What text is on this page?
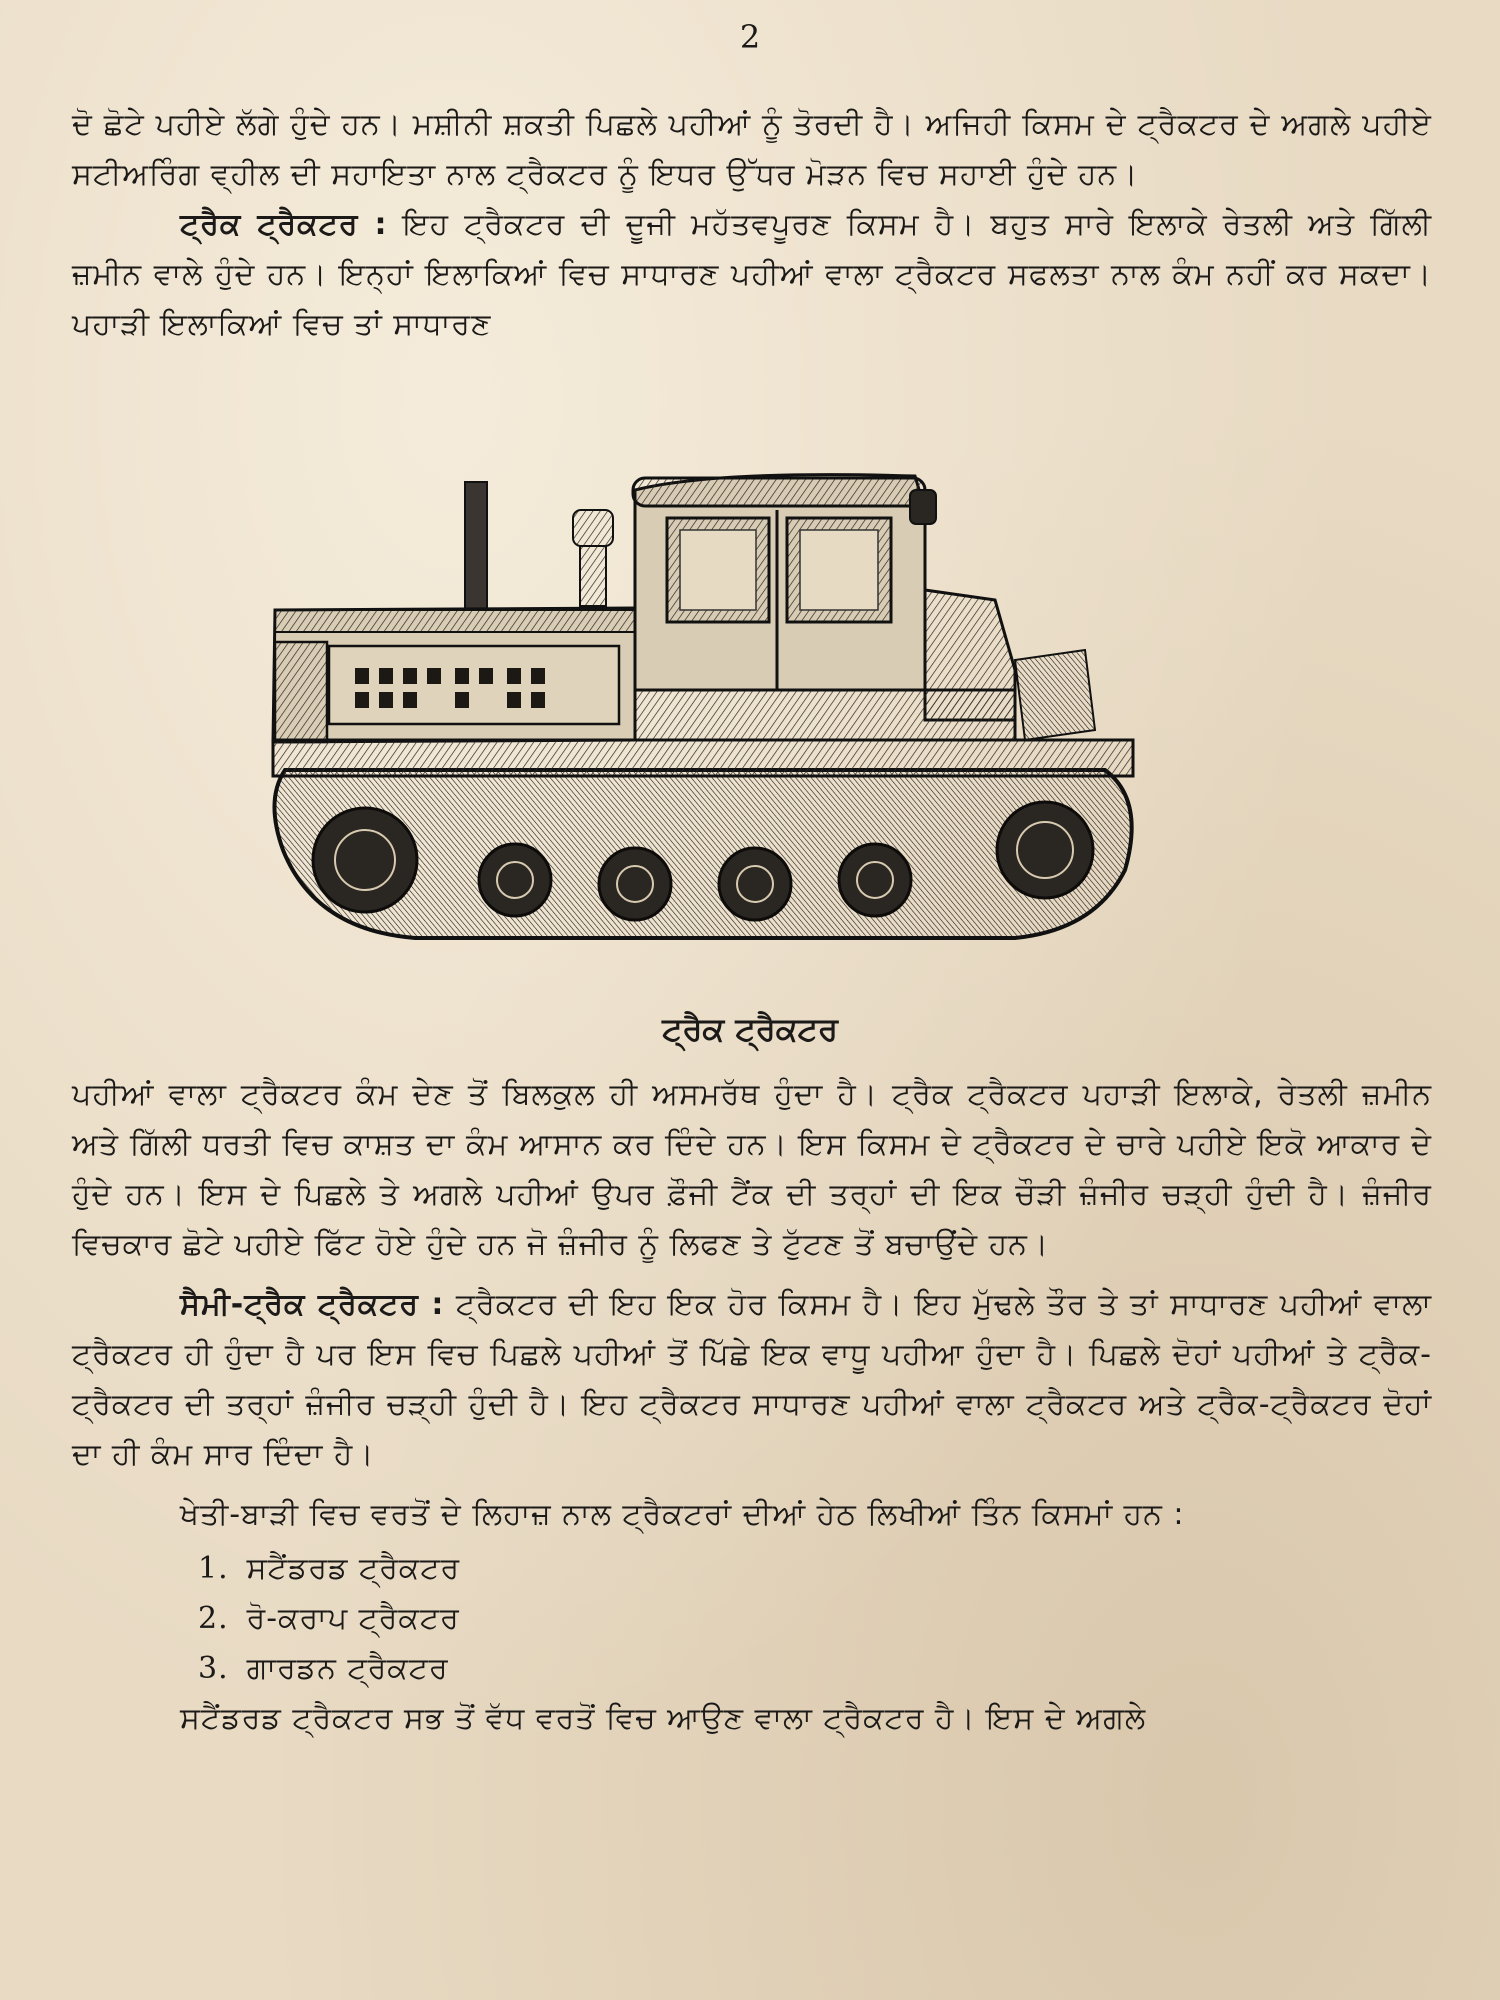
2

ਦੋ ਛੋਟੇ ਪਹੀਏ ਲੱਗੇ ਹੁੰਦੇ ਹਨ। ਮਸ਼ੀਨੀ ਸ਼ਕਤੀ ਪਿਛਲੇ ਪਹੀਆਂ ਨੂੰ ਤੋਰਦੀ ਹੈ। ਅਜਿਹੀ ਕਿਸਮ ਦੇ ਟ੍ਰੈਕਟਰ ਦੇ ਅਗਲੇ ਪਹੀਏ ਸਟੀਅਰਿੰਗ ਵ੍ਹੀਲ ਦੀ ਸਹਾਇਤਾ ਨਾਲ ਟ੍ਰੈਕਟਰ ਨੂੰ ਇਧਰ ਉੱਧਰ ਮੋੜਨ ਵਿਚ ਸਹਾਈ ਹੁੰਦੇ ਹਨ।

ਟ੍ਰੈਕ ਟ੍ਰੈਕਟਰ : ਇਹ ਟ੍ਰੈਕਟਰ ਦੀ ਦੂਜੀ ਮਹੱਤਵਪੂਰਣ ਕਿਸਮ ਹੈ। ਬਹੁਤ ਸਾਰੇ ਇਲਾਕੇ ਰੇਤਲੀ ਅਤੇ ਗਿੱਲੀ ਜ਼ਮੀਨ ਵਾਲੇ ਹੁੰਦੇ ਹਨ। ਇਨ੍ਹਾਂ ਇਲਾਕਿਆਂ ਵਿਚ ਸਾਧਾਰਣ ਪਹੀਆਂ ਵਾਲਾ ਟ੍ਰੈਕਟਰ ਸਫਲਤਾ ਨਾਲ ਕੰਮ ਨਹੀਂ ਕਰ ਸਕਦਾ। ਪਹਾੜੀ ਇਲਾਕਿਆਂ ਵਿਚ ਤਾਂ ਸਾਧਾਰਣ

ਟ੍ਰੈਕ ਟ੍ਰੈਕਟਰ

ਪਹੀਆਂ ਵਾਲਾ ਟ੍ਰੈਕਟਰ ਕੰਮ ਦੇਣ ਤੋਂ ਬਿਲਕੁਲ ਹੀ ਅਸਮਰੱਥ ਹੁੰਦਾ ਹੈ। ਟ੍ਰੈਕ ਟ੍ਰੈਕਟਰ ਪਹਾੜੀ ਇਲਾਕੇ, ਰੇਤਲੀ ਜ਼ਮੀਨ ਅਤੇ ਗਿੱਲੀ ਧਰਤੀ ਵਿਚ ਕਾਸ਼ਤ ਦਾ ਕੰਮ ਆਸਾਨ ਕਰ ਦਿੰਦੇ ਹਨ। ਇਸ ਕਿਸਮ ਦੇ ਟ੍ਰੈਕਟਰ ਦੇ ਚਾਰੇ ਪਹੀਏ ਇਕੋ ਆਕਾਰ ਦੇ ਹੁੰਦੇ ਹਨ। ਇਸ ਦੇ ਪਿਛਲੇ ਤੇ ਅਗਲੇ ਪਹੀਆਂ ਉਪਰ ਫ਼ੌਜੀ ਟੈਂਕ ਦੀ ਤਰ੍ਹਾਂ ਦੀ ਇਕ ਚੌੜੀ ਜ਼ੰਜੀਰ ਚੜ੍ਹੀ ਹੁੰਦੀ ਹੈ। ਜ਼ੰਜੀਰ ਵਿਚਕਾਰ ਛੋਟੇ ਪਹੀਏ ਫਿੱਟ ਹੋਏ ਹੁੰਦੇ ਹਨ ਜੋ ਜ਼ੰਜੀਰ ਨੂੰ ਲਿਫਣ ਤੇ ਟੁੱਟਣ ਤੋਂ ਬਚਾਉਂਦੇ ਹਨ।

ਸੈਮੀ-ਟ੍ਰੈਕ ਟ੍ਰੈਕਟਰ : ਟ੍ਰੈਕਟਰ ਦੀ ਇਹ ਇਕ ਹੋਰ ਕਿਸਮ ਹੈ। ਇਹ ਮੁੱਢਲੇ ਤੌਰ ਤੇ ਤਾਂ ਸਾਧਾਰਣ ਪਹੀਆਂ ਵਾਲਾ ਟ੍ਰੈਕਟਰ ਹੀ ਹੁੰਦਾ ਹੈ ਪਰ ਇਸ ਵਿਚ ਪਿਛਲੇ ਪਹੀਆਂ ਤੋਂ ਪਿੱਛੇ ਇਕ ਵਾਧੂ ਪਹੀਆ ਹੁੰਦਾ ਹੈ। ਪਿਛਲੇ ਦੋਹਾਂ ਪਹੀਆਂ ਤੇ ਟ੍ਰੈਕ-ਟ੍ਰੈਕਟਰ ਦੀ ਤਰ੍ਹਾਂ ਜ਼ੰਜੀਰ ਚੜ੍ਹੀ ਹੁੰਦੀ ਹੈ। ਇਹ ਟ੍ਰੈਕਟਰ ਸਾਧਾਰਣ ਪਹੀਆਂ ਵਾਲਾ ਟ੍ਰੈਕਟਰ ਅਤੇ ਟ੍ਰੈਕ-ਟ੍ਰੈਕਟਰ ਦੋਹਾਂ ਦਾ ਹੀ ਕੰਮ ਸਾਰ ਦਿੰਦਾ ਹੈ।

ਖੇਤੀ-ਬਾੜੀ ਵਿਚ ਵਰਤੋਂ ਦੇ ਲਿਹਾਜ਼ ਨਾਲ ਟ੍ਰੈਕਟਰਾਂ ਦੀਆਂ ਹੇਠ ਲਿਖੀਆਂ ਤਿੰਨ ਕਿਸਮਾਂ ਹਨ :

1. ਸਟੈਂਡਰਡ ਟ੍ਰੈਕਟਰ
2. ਰੋ-ਕਰਾਪ ਟ੍ਰੈਕਟਰ
3. ਗਾਰਡਨ ਟ੍ਰੈਕਟਰ

ਸਟੈਂਡਰਡ ਟ੍ਰੈਕਟਰ ਸਭ ਤੋਂ ਵੱਧ ਵਰਤੋਂ ਵਿਚ ਆਉਣ ਵਾਲਾ ਟ੍ਰੈਕਟਰ ਹੈ। ਇਸ ਦੇ ਅਗਲੇ
